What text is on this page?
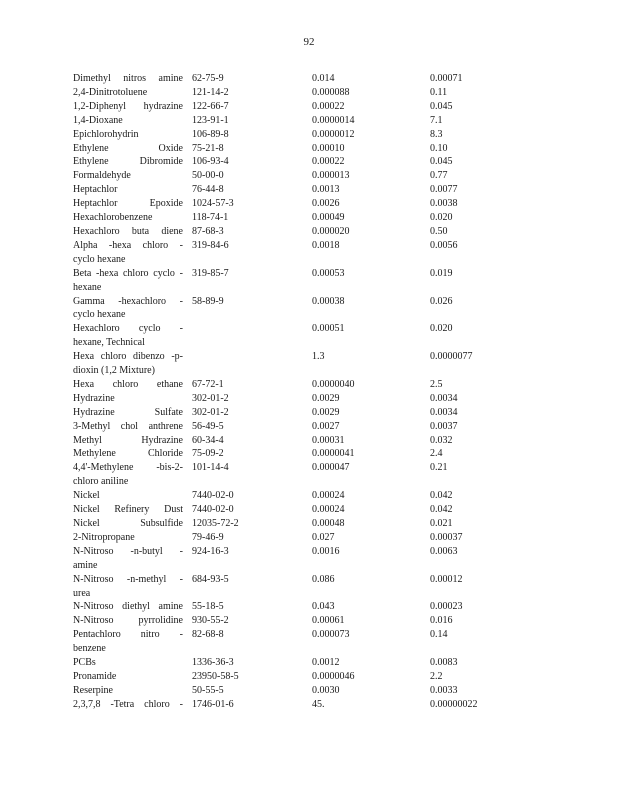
92
Dimethyl nitros amine		62-75-9	0.014	0.00071

2,4-Dinitrotoluene		121-14-2	0.000088	0.11

1,2-Diphenyl hydrazine		122-66-7	0.00022	0.045

1,4-Dioxane		123-91-1	0.0000014	7.1

Epichlorohydrin		106-89-8	0.0000012	8.3

Ethylene Oxide		75-21-8	0.00010	0.10

Ethylene Dibromide		106-93-4	0.00022	0.045

Formaldehyde		50-00-0	0.000013	0.77

Heptachlor		76-44-8	0.0013	0.0077

Heptachlor Epoxide		1024-57-3	0.0026	0.0038

Hexachlorobenzene		118-74-1	0.00049	0.020

Hexachloro buta diene		87-68-3	0.000020	0.50

Alpha -hexa chloro -
cyclo hexane		319-84-6	0.0018	0.0056

Beta -hexa chloro cyclo -
hexane		319-85-7	0.00053	0.019

Gamma -hexachloro -
cyclo hexane		58-89-9	0.00038	0.026

Hexachloro cyclo -
hexane, Technical			0.00051	0.020

Hexa chloro dibenzo -p-
dioxin (1,2 Mixture)			1.3	0.0000077

Hexa chloro ethane		67-72-1	0.0000040	2.5

Hydrazine		302-01-2	0.0029	0.0034

Hydrazine Sulfate		302-01-2	0.0029	0.0034

3-Methyl chol anthrene		56-49-5	0.0027	0.0037

Methyl Hydrazine		60-34-4	0.00031	0.032

Methylene Chloride		75-09-2	0.0000041	2.4

4,4'-Methylene -bis-2-
chloro aniline		101-14-4	0.000047	0.21

Nickel		7440-02-0	0.00024	0.042

Nickel Refinery Dust		7440-02-0	0.00024	0.042

Nickel Subsulfide		12035-72-2	0.00048	0.021

2-Nitropropane		79-46-9	0.027	0.00037

N-Nitroso -n-butyl -
amine		924-16-3	0.0016	0.0063

N-Nitroso -n-methyl -
urea		684-93-5	0.086	0.00012

N-Nitroso diethyl amine		55-18-5	0.043	0.00023

N-Nitroso pyrrolidine		930-55-2	0.00061	0.016

Pentachloro nitro -
benzene		82-68-8	0.000073	0.14

PCBs		1336-36-3	0.0012	0.0083

Pronamide		23950-58-5	0.0000046	2.2

Reserpine		50-55-5	0.0030	0.0033

2,3,7,8 -Tetra chloro -		1746-01-6	45.	0.00000022
